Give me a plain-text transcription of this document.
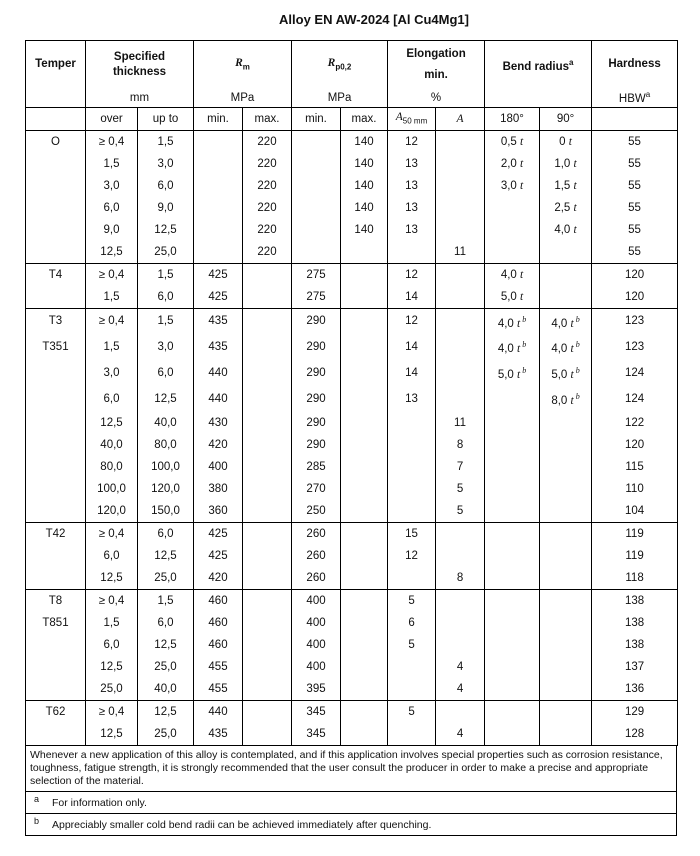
Alloy EN AW-2024 [Al Cu4Mg1]
Temper	Specified thickness		$R_m$		$R_{p0,2}$		Elongation
min.		Bend radius$^a$		Hardness
	mm		MPa		MPa		%				HBW$^a$
	over	up to	min.	max.	min.	max.	$A_{50 mm}$	A	180°	90°	
O	≥ 0,4	1,5		220		140	12		0,5 t	0 t	55
	1,5	3,0		220		140	13		2,0 t	1,0 t	55
	3,0	6,0		220		140	13		3,0 t	1,5 t	55
	6,0	9,0		220		140	13			2,5 t	55
	9,0	12,5		220		140	13			4,0 t	55
	12,5	25,0		220				11			55
T4	≥ 0,4	1,5	425		275		12		4,0 t		120
	1,5	6,0	425		275		14		5,0 t		120
T3	≥ 0,4	1,5	435		290		12		4,0 t $^b$	4,0 t $^b$	123
T351	1,5	3,0	435		290		14		4,0 t $^b$	4,0 t $^b$	123
	3,0	6,0	440		290		14		5,0 t $^b$	5,0 t $^b$	124
	6,0	12,5	440		290		13			8,0 t $^b$	124
	12,5	40,0	430		290			11			122
	40,0	80,0	420		290			8			120
	80,0	100,0	400		285			7			115
	100,0	120,0	380		270			5			110
	120,0	150,0	360		250			5			104
T42	≥ 0,4	6,0	425		260		15				119
	6,0	12,5	425		260		12				119
	12,5	25,0	420		260			8			118
T8	≥ 0,4	1,5	460		400		5				138
T851	1,5	6,0	460		400		6				138
	6,0	12,5	460		400		5				138
	12,5	25,0	455		400			4			137
	25,0	40,0	455		395			4			136
T62	≥ 0,4	12,5	440		345		5				129
	12,5	25,0	435		345			4			128
Whenever a new application of this alloy is contemplated, and if this application involves special properties such as corrosion resistance, toughness, fatigue strength, it is strongly recommended that the user consult the producer in order to make a precise and appropriate selection of the material.
a For information only.
b Appreciably smaller cold bend radii can be achieved immediately after quenching.
